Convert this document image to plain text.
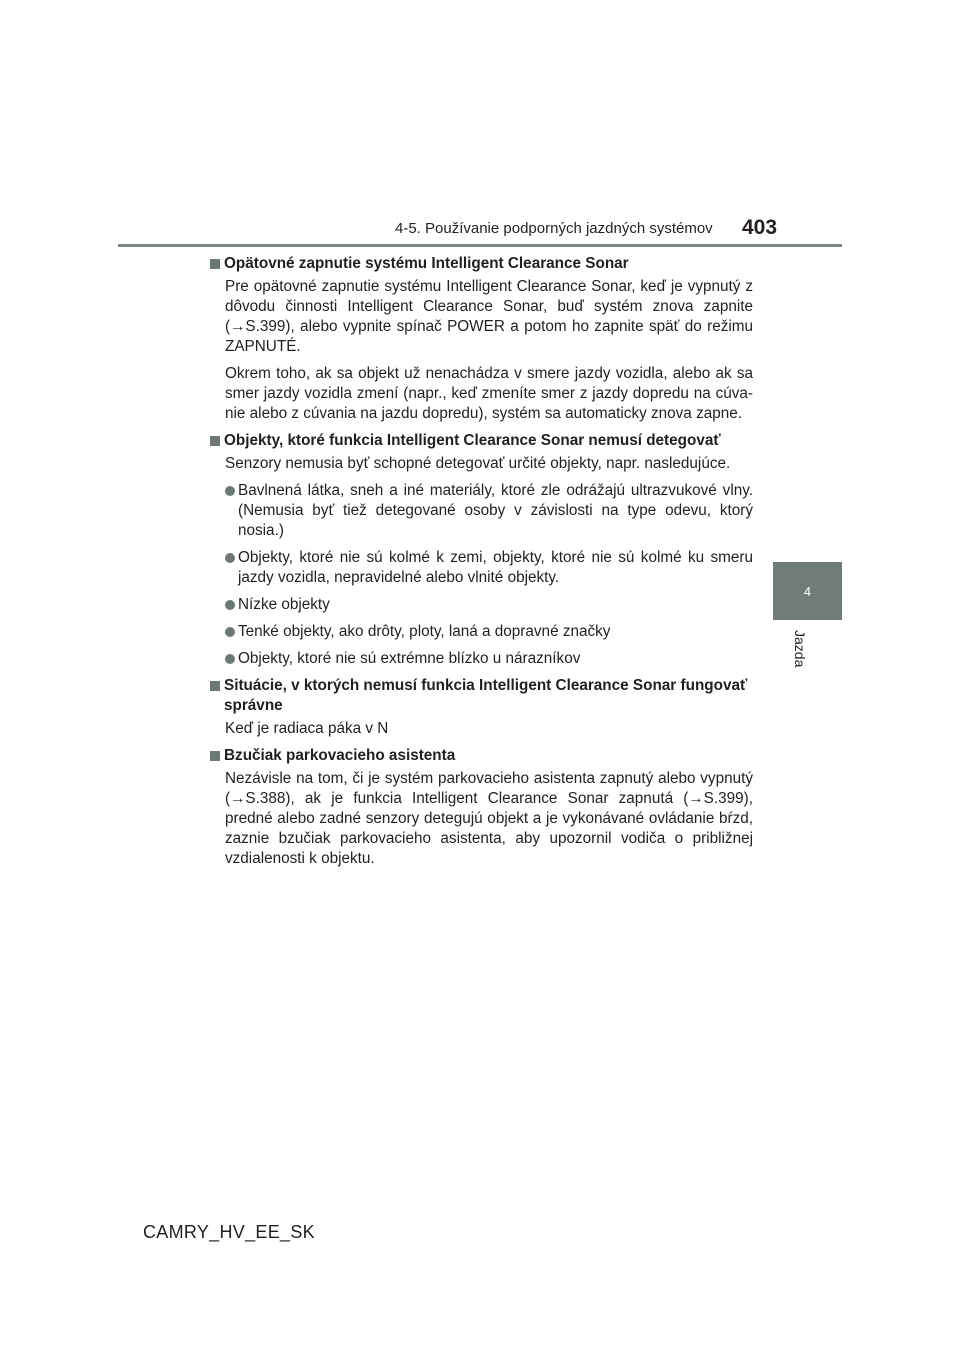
4-5. Používanie podporných jazdných systémov 403
4
Jazda
Opätovné zapnutie systému Intelligent Clearance Sonar

Pre opätovné zapnutie systému Intelligent Clearance Sonar, keď je vypnutý z dôvodu činnosti Intelligent Clearance Sonar, buď systém znova zapnite (→S.399), alebo vypnite spínač POWER a potom ho zapnite späť do režimu ZAPNUTÉ.

Okrem toho, ak sa objekt už nenachádza v smere jazdy vozidla, alebo ak sa smer jazdy vozidla zmení (napr., keď zmeníte smer z jazdy dopredu na cúva-nie alebo z cúvania na jazdu dopredu), systém sa automaticky znova zapne.

Objekty, ktoré funkcia Intelligent Clearance Sonar nemusí detegovať

Senzory nemusia byť schopné detegovať určité objekty, napr. nasledujúce.

Bavlnená látka, sneh a iné materiály, ktoré zle odrážajú ultrazvukové vlny. (Nemusia byť tiež detegované osoby v závislosti na type odevu, ktorý nosia.)
Objekty, ktoré nie sú kolmé k zemi, objekty, ktoré nie sú kolmé ku smeru jazdy vozidla, nepravidelné alebo vlnité objekty.
Nízke objekty
Tenké objekty, ako drôty, ploty, laná a dopravné značky
Objekty, ktoré nie sú extrémne blízko u nárazníkov
Situácie, v ktorých nemusí funkcia Intelligent Clearance Sonar fungovať správne

Keď je radiaca páka v N

Bzučiak parkovacieho asistenta

Nezávisle na tom, či je systém parkovacieho asistenta zapnutý alebo vypnutý (→S.388), ak je funkcia Intelligent Clearance Sonar zapnutá (→S.399), predné alebo zadné senzory detegujú objekt a je vykonávané ovládanie bŕzd, zaznie bzučiak parkovacieho asistenta, aby upozornil vodiča o približnej vzdialenosti k objektu.

CAMRY_HV_EE_SK
